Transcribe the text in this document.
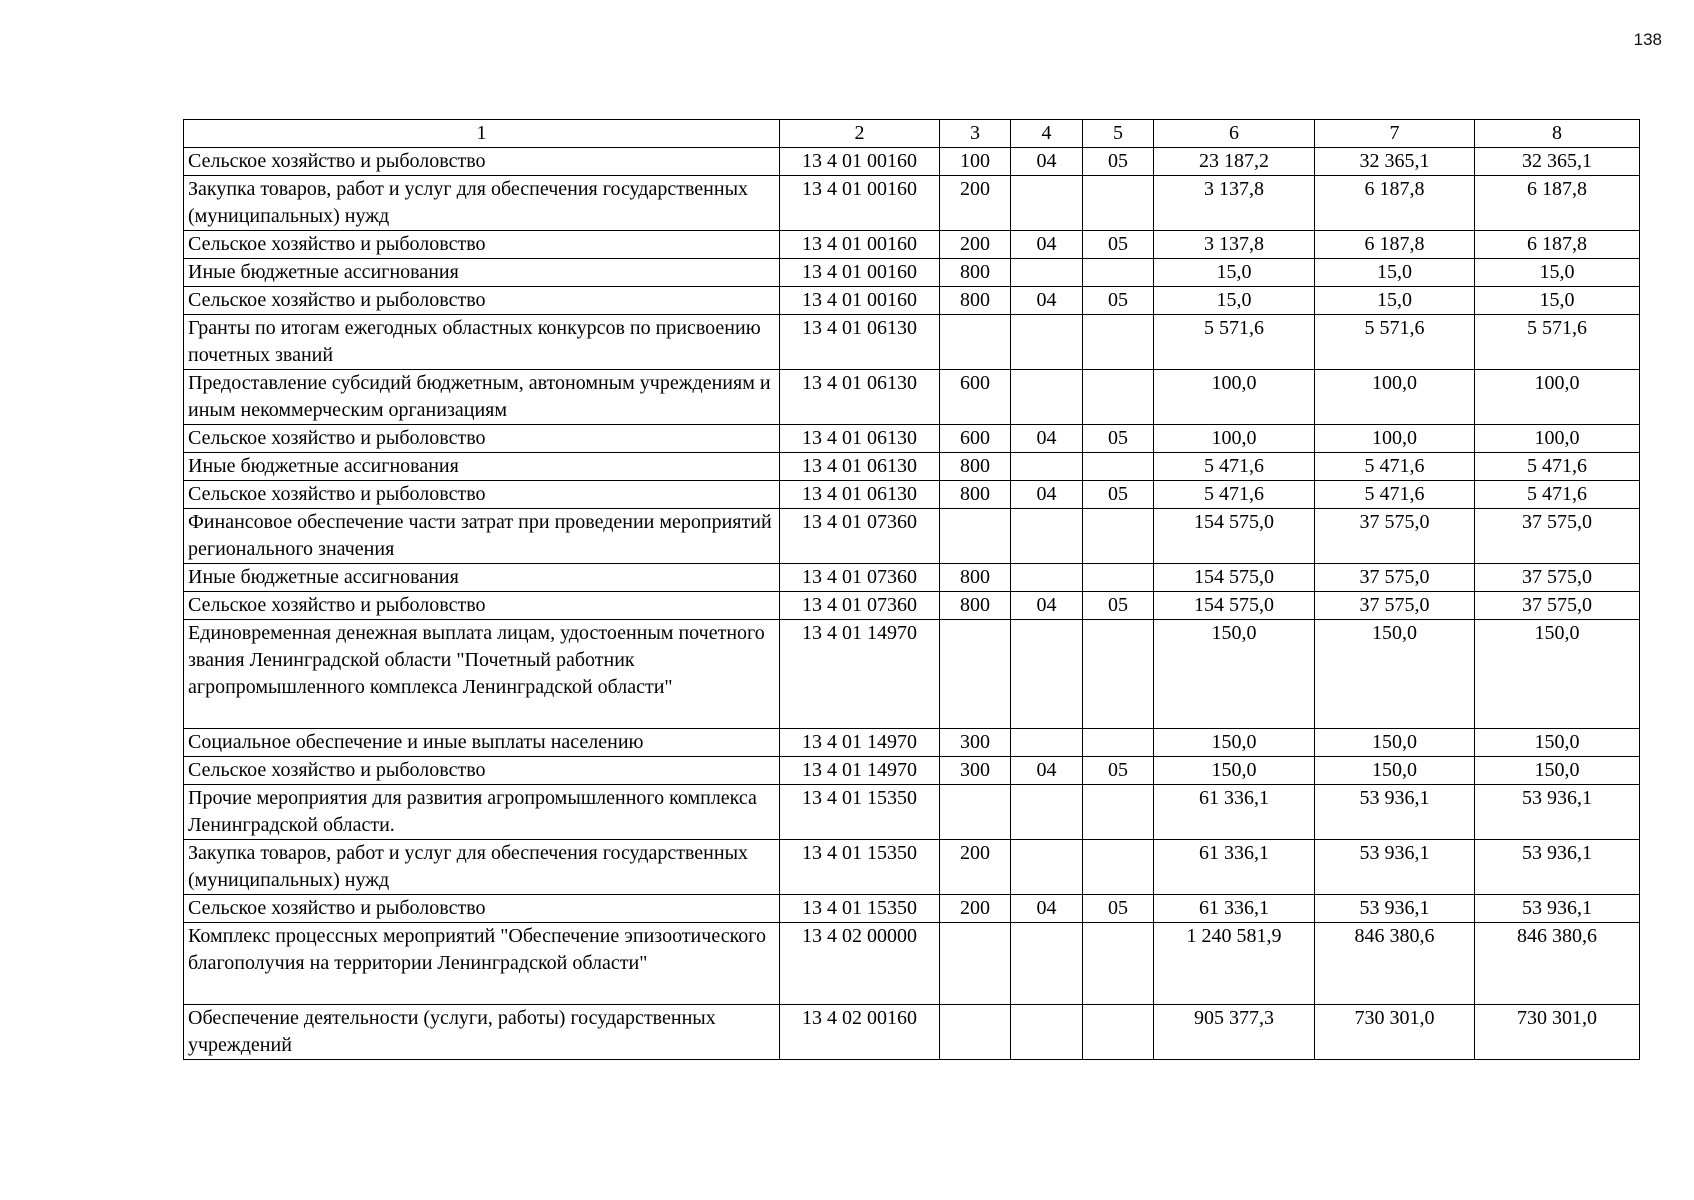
138
1	2	3	4	5	6	7	8
Сельское хозяйство и рыболовство	13 4 01 00160	100	04	05	23 187,2	32 365,1	32 365,1
Закупка товаров, работ и услуг для обеспечения государственных (муниципальных) нужд	13 4 01 00160	200			3 137,8	6 187,8	6 187,8
Сельское хозяйство и рыболовство	13 4 01 00160	200	04	05	3 137,8	6 187,8	6 187,8
Иные бюджетные ассигнования	13 4 01 00160	800			15,0	15,0	15,0
Сельское хозяйство и рыболовство	13 4 01 00160	800	04	05	15,0	15,0	15,0
Гранты по итогам ежегодных областных конкурсов по присвоению почетных званий	13 4 01 06130				5 571,6	5 571,6	5 571,6
Предоставление субсидий бюджетным, автономным учреждениям и иным некоммерческим организациям	13 4 01 06130	600			100,0	100,0	100,0
Сельское хозяйство и рыболовство	13 4 01 06130	600	04	05	100,0	100,0	100,0
Иные бюджетные ассигнования	13 4 01 06130	800			5 471,6	5 471,6	5 471,6
Сельское хозяйство и рыболовство	13 4 01 06130	800	04	05	5 471,6	5 471,6	5 471,6
Финансовое обеспечение части затрат при проведении мероприятий регионального значения	13 4 01 07360				154 575,0	37 575,0	37 575,0
Иные бюджетные ассигнования	13 4 01 07360	800			154 575,0	37 575,0	37 575,0
Сельское хозяйство и рыболовство	13 4 01 07360	800	04	05	154 575,0	37 575,0	37 575,0
Единовременная денежная выплата лицам, удостоенным почетного звания Ленинградской области "Почетный работник агропромышленного комплекса Ленинградской области"	13 4 01 14970				150,0	150,0	150,0
Социальное обеспечение и иные выплаты населению	13 4 01 14970	300			150,0	150,0	150,0
Сельское хозяйство и рыболовство	13 4 01 14970	300	04	05	150,0	150,0	150,0
Прочие мероприятия для развития агропромышленного комплекса Ленинградской области.	13 4 01 15350				61 336,1	53 936,1	53 936,1
Закупка товаров, работ и услуг для обеспечения государственных (муниципальных) нужд	13 4 01 15350	200			61 336,1	53 936,1	53 936,1
Сельское хозяйство и рыболовство	13 4 01 15350	200	04	05	61 336,1	53 936,1	53 936,1
Комплекс процессных мероприятий "Обеспечение эпизоотического благополучия на территории Ленинградской области"	13 4 02 00000				1 240 581,9	846 380,6	846 380,6
Обеспечение деятельности (услуги, работы) государственных учреждений	13 4 02 00160				905 377,3	730 301,0	730 301,0
